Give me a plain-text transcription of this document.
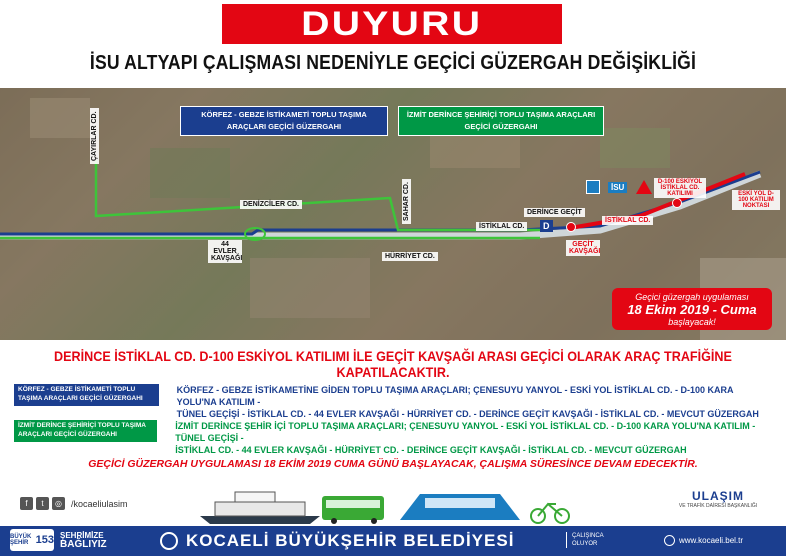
DUYURU
İSU ALTYAPI ÇALIŞMASI NEDENİYLE GEÇİCİ GÜZERGAH DEĞİŞİKLİĞİ
KÖRFEZ - GEBZE İSTİKAMETİ TOPLU TAŞIMA ARAÇLARI GEÇİCİ GÜZERGAHI
İZMİT DERİNCE ŞEHİRİÇİ TOPLU TAŞIMA ARAÇLARI GEÇİCİ GÜZERGAHI
ÇAYIRLAR CD.
DENİZCİLER CD.	SAHAR CD.
44 EVLER KAVŞAĞI	HÜRRİYET CD.
İSTİKLAL CD.
DERİNCE GEÇİT
D
GEÇİT KAVŞAĞI
İSTİKLAL CD.
D-100 ESKİYOL İSTİKLAL CD. KATILIMI	ESKİ YOL D-100 KATILIM NOKTASI
İSU
Geçici güzergah uygulaması
18 Ekim 2019 - Cuma
başlayacak!
DERİNCE İSTİKLAL CD. D-100 ESKİYOL KATILIMI İLE GEÇİT KAVŞAĞI ARASI GEÇİCİ OLARAK ARAÇ TRAFİĞİNE KAPATILACAKTIR.
KÖRFEZ - GEBZE İSTİKAMETİ TOPLU TAŞIMA ARAÇLARI GEÇİCİ GÜZERGAHI
KÖRFEZ - GEBZE İSTİKAMETİNE GİDEN TOPLU TAŞIMA ARAÇLARI; ÇENESUYU YANYOL - ESKİ YOL İSTİKLAL CD. - D-100 KARA YOLU'NA KATILIM -
TÜNEL GEÇİŞİ - İSTİKLAL CD. - 44 EVLER KAVŞAĞI - HÜRRİYET CD. - DERİNCE GEÇİT KAVŞAĞI - İSTİKLAL CD. - MEVCUT GÜZERGAH
İZMİT DERİNCE ŞEHİRİÇİ TOPLU TAŞIMA ARAÇLARI GEÇİCİ GÜZERGAHI
İZMİT DERİNCE ŞEHİR İÇİ TOPLU TAŞIMA ARAÇLARI; ÇENESUYU YANYOL - ESKİ YOL İSTİKLAL CD. - D-100 KARA YOLU'NA KATILIM - TÜNEL GEÇİŞİ -
İSTİKLAL CD. - 44 EVLER KAVŞAĞI - HÜRRİYET CD. - DERİNCE GEÇİT KAVŞAĞI - İSTİKLAL CD. - MEVCUT GÜZERGAH
GEÇİCİ GÜZERGAH UYGULAMASI 18 EKİM 2019 CUMA GÜNÜ BAŞLAYACAK, ÇALIŞMA SÜRESİNCE DEVAM EDECEKTİR.
f	t	◎	/kocaeliulasim
ULAŞIM
VE TRAFİK DAİRESİ BAŞKANLIĞI
BÜYÜK ŞEHİR 153 ŞEHRİMİZE
BAĞLIYIZ	KOCAELİ BÜYÜKŞEHİR BELEDİYESİ	ÇALIŞINCA
OLUYOR	www.kocaeli.bel.tr
